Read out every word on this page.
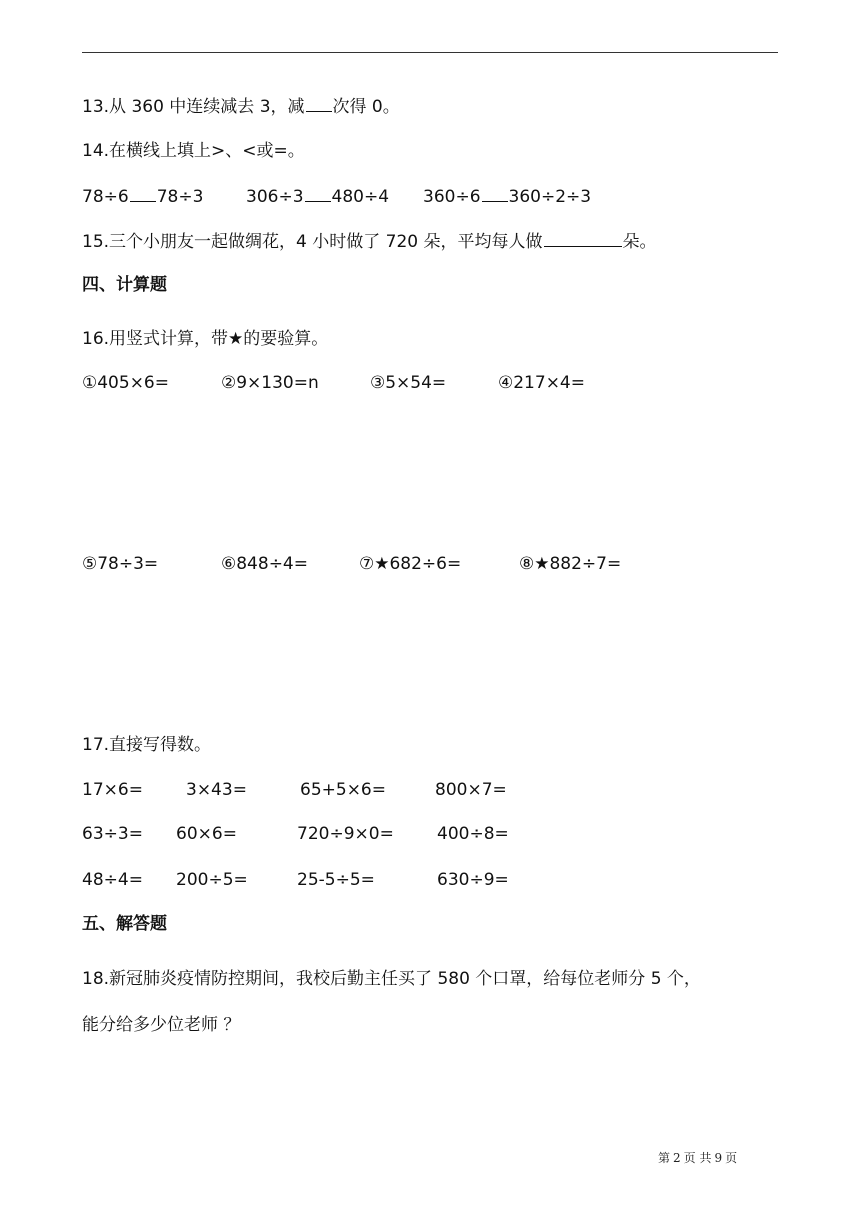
13.从 360 中连续减去 3，减 次得 0。
14.在横线上填上>、<或=。
78÷6 78÷3	306÷3 480÷4 360÷6 360÷2÷3
15.三个小朋友一起做绸花，4 小时做了 720 朵，平均每人做	朵。
四、计算题
16.用竖式计算，带★的要验算。
①405×6=	②9×130=n	③5×54=	④217×4=
⑤78÷3=	⑥848÷4=	⑦★682÷6=	⑧★882÷7=
17.直接写得数。
17×6=	3×43=	65+5×6=	800×7=
63÷3= 60×6=	720÷9×0=	400÷8=
48÷4= 200÷5=	25-5÷5=	630÷9=
五、解答题
18.新冠肺炎疫情防控期间，我校后勤主任买了 580 个口罩，给每位老师分 5 个，
能分给多少位老师 ？
第 2 页 共 9 页
